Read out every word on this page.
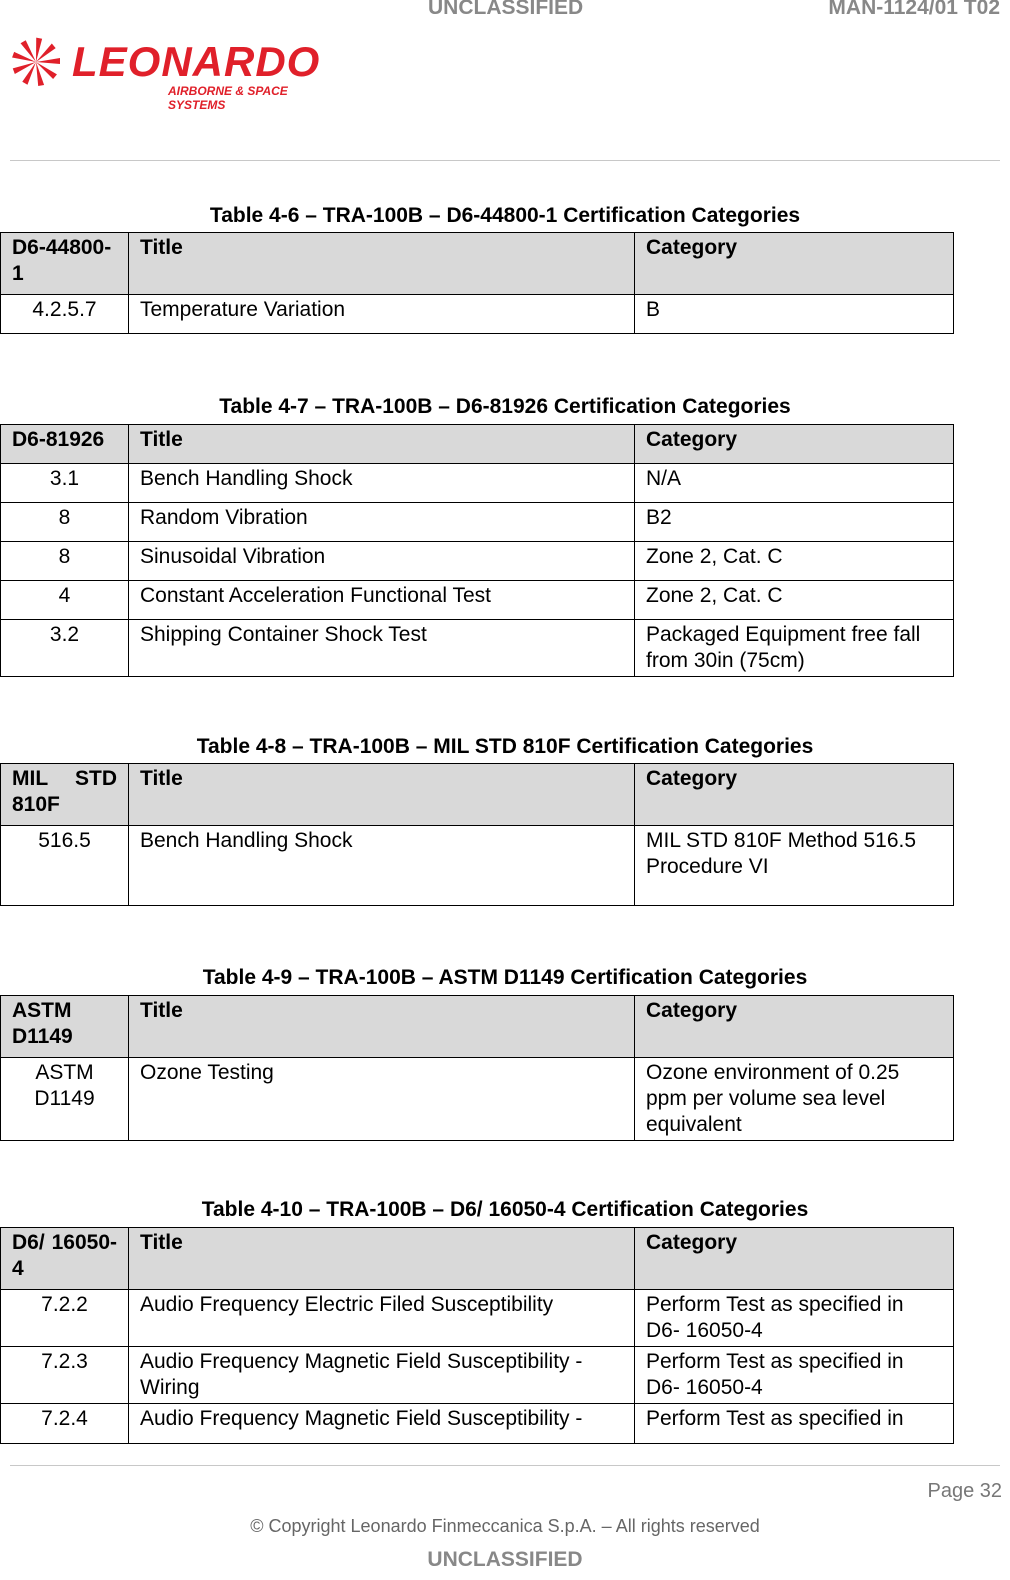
UNCLASSIFIED	MAN-1124/01 T02
LEONARDO
AIRBORNE & SPACE SYSTEMS
Table 4-6 – TRA-100B – D6-44800-1 Certification Categories
D6-44800-1	Title	Category
4.2.5.7	Temperature Variation	B
Table 4-7 – TRA-100B – D6-81926 Certification Categories
D6-81926	Title	Category
3.1	Bench Handling Shock	N/A
8	Random Vibration	B2
8	Sinusoidal Vibration	Zone 2, Cat. C
4	Constant Acceleration Functional Test	Zone 2, Cat. C
3.2	Shipping Container Shock Test	Packaged Equipment free fall from 30in (75cm)
Table 4-8 – TRA-100B – MIL STD 810F Certification Categories
MIL STD 810F	Title	Category
516.5	Bench Handling Shock	MIL STD 810F Method 516.5 Procedure VI
Table 4-9 – TRA-100B – ASTM D1149 Certification Categories
ASTM D1149	Title	Category
ASTM D1149	Ozone Testing	Ozone environment of 0.25 ppm per volume sea level equivalent
Table 4-10 – TRA-100B – D6/ 16050-4 Certification Categories
D6/ 16050-4	Title	Category
7.2.2	Audio Frequency Electric Filed Susceptibility	Perform Test as specified in D6- 16050-4
7.2.3	Audio Frequency Magnetic Field Susceptibility - Wiring	Perform Test as specified in D6- 16050-4
7.2.4	Audio Frequency Magnetic Field Susceptibility -	Perform Test as specified in
Page 32
© Copyright Leonardo Finmeccanica S.p.A. – All rights reserved
UNCLASSIFIED
